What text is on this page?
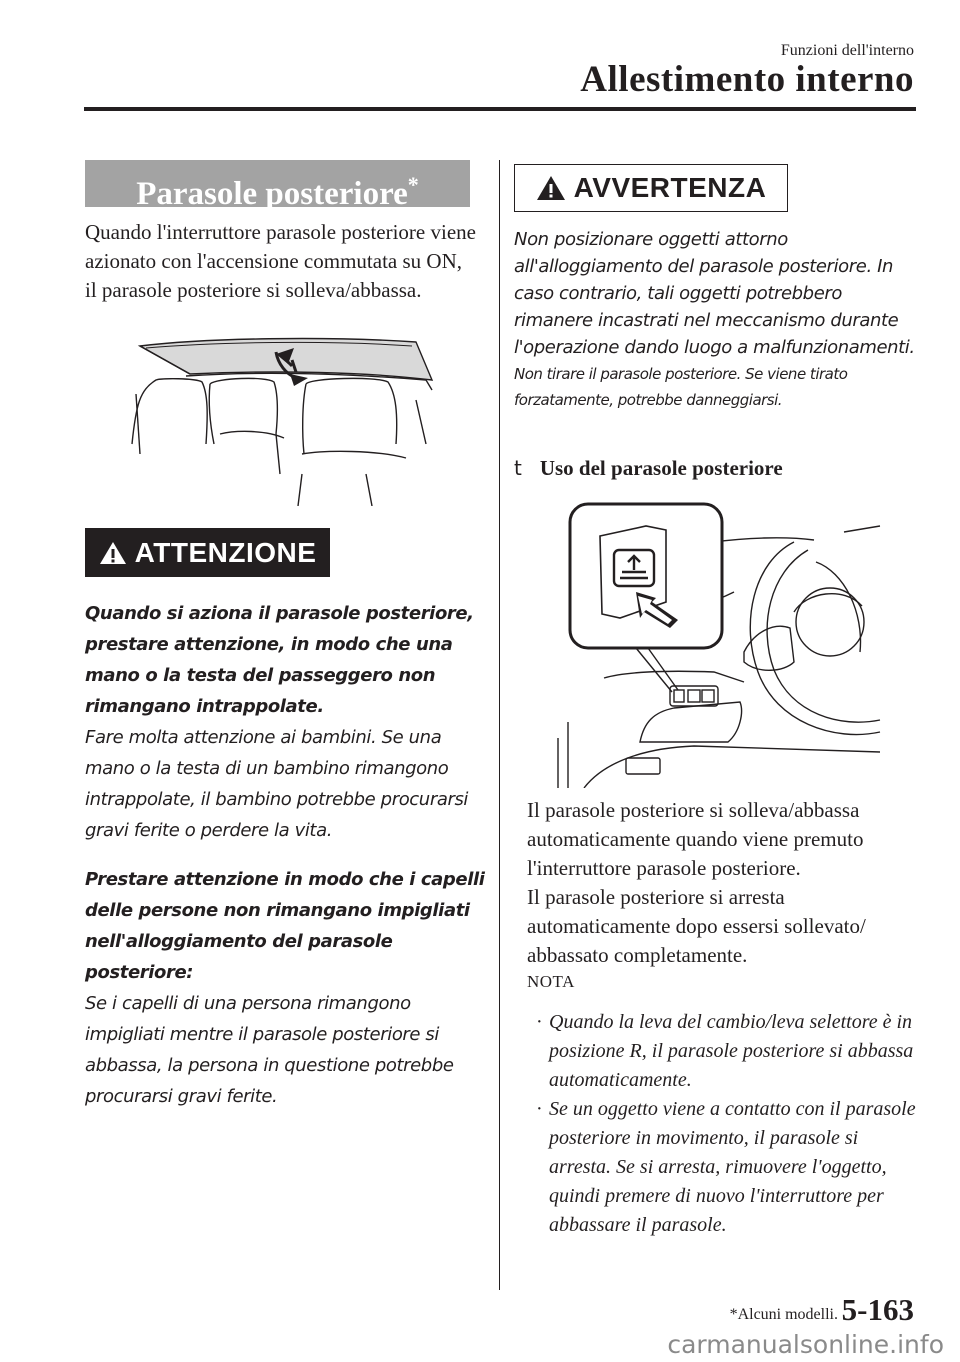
Funzioni dell'interno
Allestimento interno
Parasole posteriore*
Quando l'interruttore parasole posteriore viene azionato con l'accensione commutata su ON, il parasole posteriore si solleva/abbassa.
ATTENZIONE
Quando si aziona il parasole posteriore, prestare attenzione, in modo che una mano o la testa del passeggero non rimangano intrappolate.
Fare molta attenzione ai bambini. Se una mano o la testa di un bambino rimangono intrappolate, il bambino potrebbe procurarsi gravi ferite o perdere la vita.
Prestare attenzione in modo che i capelli delle persone non rimangano impigliati nell'alloggiamento del parasole posteriore:
Se i capelli di una persona rimangono impigliati mentre il parasole posteriore si abbassa, la persona in questione potrebbe procurarsi gravi ferite.
AVVERTENZA
Non posizionare oggetti attorno all'alloggiamento del parasole posteriore. In caso contrario, tali oggetti potrebbero rimanere incastrati nel meccanismo durante l'operazione dando luogo a malfunzionamenti.
Non tirare il parasole posteriore. Se viene tirato forzatamente, potrebbe danneggiarsi.
t Uso del parasole posteriore
Il parasole posteriore si solleva/abbassa automaticamente quando viene premuto l'interruttore parasole posteriore.
Il parasole posteriore si arresta automaticamente dopo essersi sollevato/ abbassato completamente.
NOTA
· Quando la leva del cambio/leva selettore è in posizione R, il parasole posteriore si abbassa automaticamente.
· Se un oggetto viene a contatto con il parasole posteriore in movimento, il parasole si arresta. Se si arresta, rimuovere l'oggetto, quindi premere di nuovo l'interruttore per abbassare il parasole.
*Alcuni modelli. 5-163
carmanualsonline.info
